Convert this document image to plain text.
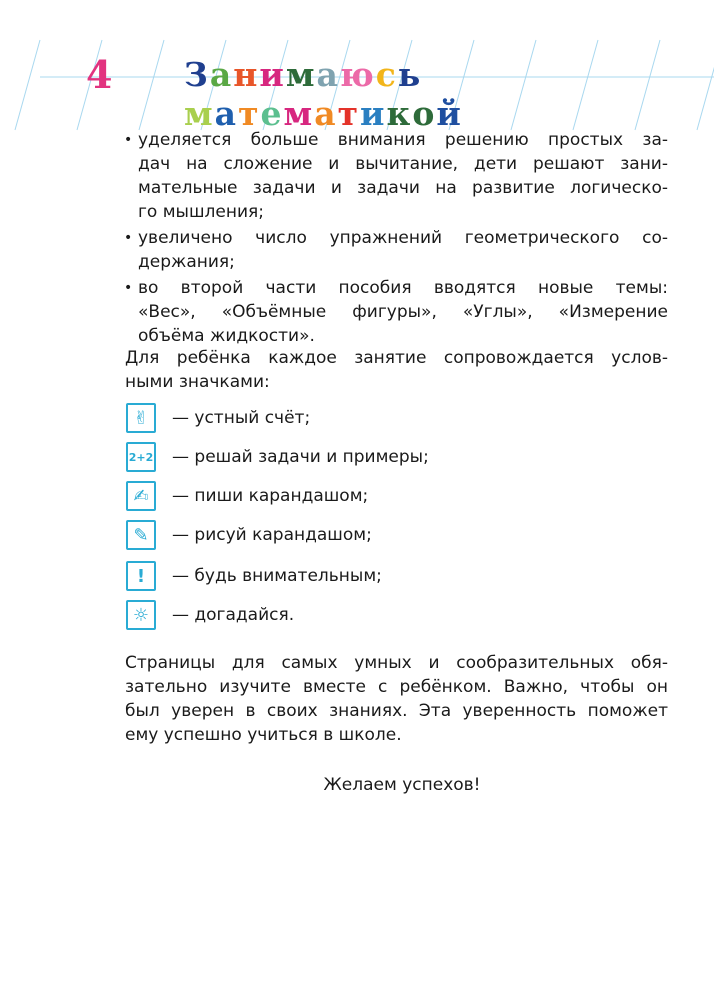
4 Занимаюсь математикой
• уделяется больше внимания решению простых за-
дач на сложение и вычитание, дети решают зани-
мательные задачи и задачи на развитие логическо-
го мышления;
• увеличено число упражнений геометрического со-
держания;
• во второй части пособия вводятся новые темы:
«Вес», «Объёмные фигуры», «Углы», «Измерение
объёма жидкости».
Для ребёнка каждое занятие сопровождается услов-
ными значками:
✌	— устный счёт;
2+2 — решай задачи и примеры;
✍	— пиши карандашом;
✎	— рисуй карандашом;
!	— будь внимательным;
☼	— догадайся.
Страницы для самых умных и сообразительных обя-
зательно изучите вместе с ребёнком. Важно, чтобы он
был уверен в своих знаниях. Эта уверенность поможет
ему успешно учиться в школе.
Желаем успехов!
